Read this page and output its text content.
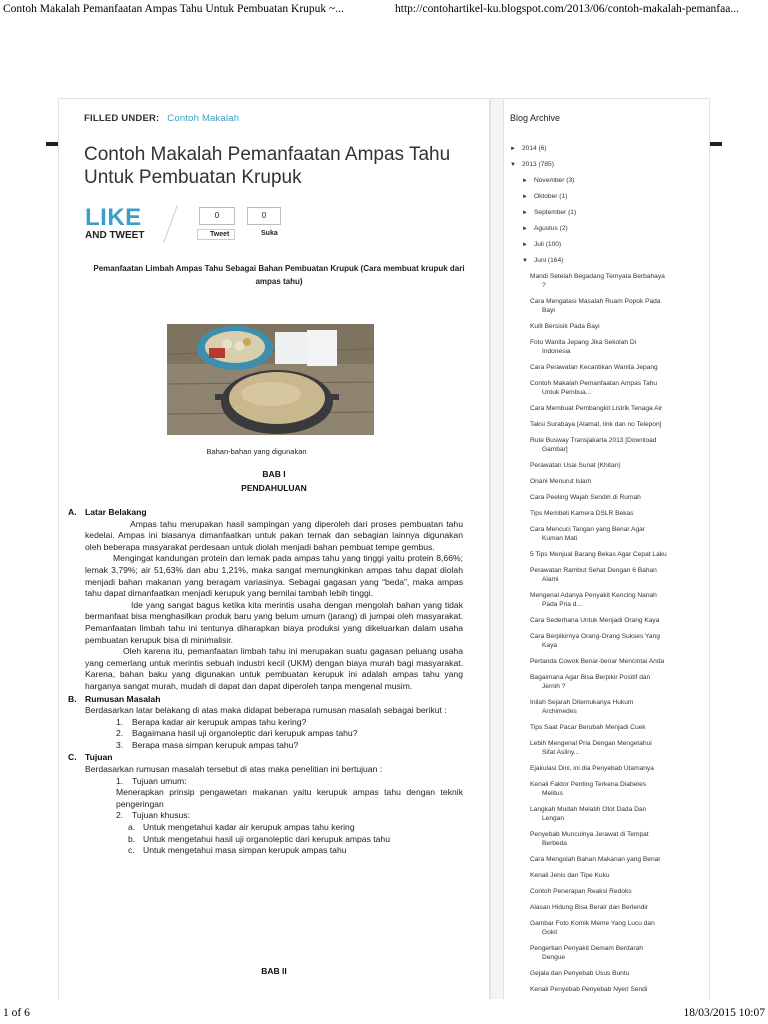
Contoh Makalah Pemanfaatan Ampas Tahu Untuk Pembuatan Krupuk ~...	http://contohartikel-ku.blogspot.com/2013/06/contoh-makalah-pemanfaa...
FILLED UNDER: Contoh Makalah
Contoh Makalah Pemanfaatan Ampas Tahu Untuk Pembuatan Krupuk
LIKE
AND TWEET
0
Tweet
0
Suka
Pemanfaatan Limbah Ampas Tahu Sebagai Bahan Pembuatan Krupuk (Cara membuat krupuk dari ampas tahu)
Bahan-bahan yang digunakan
BAB I
PENDAHULUAN

A. Latar Belakang

Ampas tahu merupakan hasil sampingan yang diperoleh dari proses pembuatan tahu kedelai. Ampas ini biasanya dimanfaatkan untuk pakan ternak dan sebagian lainnya digunakan oleh beberapa masyarakat perdesaan untuk diolah menjadi bahan pembuat tempe gembus.

Mengingat kandungan protein dan lemak pada ampas tahu yang tinggi yaitu protein 8,66%; lemak 3,79%; air 51,63% dan abu 1,21%, maka sangat memungkinkan ampas tahu dapat diolah menjadi bahan makanan yang beragam variasinya. Sebagai gagasan yang “beda”, maka ampas tahu dapat dimanfaatkan menjadi kerupuk yang bernilai tambah lebih tinggi.

Ide yang sangat bagus ketika kita merintis usaha dengan mengolah bahan yang tidak bermanfaat bisa menghasilkan produk baru yang belum umum (jarang) di jumpai oleh masyarakat. Pemanfaatan limbah tahu ini tentunya diharapkan biaya produksi yang dikeluarkan dalam usaha pembuatan kerupuk bisa di minimalisir.

Oleh karena itu, pemanfaatan limbah tahu ini merupakan suatu gagasan peluang usaha yang cemerlang untuk merintis sebuah industri kecil (UKM) dengan biaya murah bagi masyarakat. Karena, bahan baku yang digunakan untuk pembuatan kerupuk ini adalah ampas tahu yang harganya sangat murah, mudah di dapat dan dapat diperoleh tanpa mengenal musim.

B. Rumusan Masalah

Berdasarkan latar belakang di atas maka didapat beberapa rumusan masalah sebagai berikut :

1. Berapa kadar air kerupuk ampas tahu kering?

2. Bagaimana hasil uji organoleptic dari kerupuk ampas tahu?

3. Berapa masa simpan kerupuk ampas tahu?

C. Tujuan

Berdasarkan rumusan masalah tersebut di atas maka penelitian ini bertujuan :

1. Tujuan umum:

Menerapkan prinsip pengawetan makanan yaitu kerupuk ampas tahu dengan teknik pengeringan

2. Tujuan khusus:

a. Untuk mengetahui kadar air kerupuk ampas tahu kering

b. Untuk mengetahui hasil uji organoleptic dari kerupuk ampas tahu

c. Untuk mengetahui masa simpan kerupuk ampas tahu

BAB II
Blog Archive
► 2014 (6)
▼ 2013 (785)
► November (3)
► Oktober (1)
► September (1)
► Agustus (2)
► Juli (100)
▼ Juni (164)
Mandi Setelah Begadang Ternyata Berbahaya
?
Cara Mengatasi Masalah Ruam Popok Pada
Bayi
Kulit Bersisik Pada Bayi
Foto Wanita Jepang Jika Sekolah Di
Indonesia
Cara Perawatan Kecantikan Wanita Jepang
Contoh Makalah Pemanfaatan Ampas Tahu
Untuk Pembua...
Cara Membuat Pembangkit Listrik Tenaga Air
Taksi Surabaya [Alamat, link dan no Telepon]
Rute Busway Transjakarta 2013 [Download
Gambar]
Perawatan Usai Sunat (Khitan)
Onani Menurut Islam
Cara Peeling Wajah Sendiri di Rumah
Tips Membeli Kamera DSLR Bekas
Cara Mencuci Tangan yang Benar Agar
Kuman Mati
5 Tips Menjual Barang Bekas Agar Cepat Laku
Perawatan Rambut Sehat Dengan 6 Bahan
Alami
Mengenal Adanya Penyakit Kencing Nanah
Pada Pria d...
Cara Sederhana Untuk Menjadi Orang Kaya
Cara Berpikirnya Orang-Orang Sukses Yang
Kaya
Pertanda Cowok Benar-benar Mencintai Anda
Bagaimana Agar Bisa Berpikir Positif dan
Jernih ?
Inilah Sejarah Ditemukanya Hukum
Archimedes
Tips Saat Pacar Berubah Menjadi Cuek
Lebih Mengenal Pria Dengan Mengetahui
Sifat Asliny...
Ejakulasi Dini, ini dia Penyebab Utamanya
Kenali Faktor Penting Terkena Diabetes
Melitus
Langkah Mudah Melatih Otot Dada Dan
Lengan
Penyebab Munculnya Jerawat di Tempat
Berbeda
Cara Mengolah Bahan Makanan yang Benar
Kenali Jenis dan Tipe Kuku
Contoh Penerapan Reaksi Redoks
Alasan Hidung Bisa Berair dan Berlendir
Gambar Foto Komik Meme Yang Lucu dan
Gokil
Pengertian Penyakit Demam Berdarah
Dengue
Gejala dan Penyebab Usus Buntu
Kenali Penyebab Penyebab Nyeri Sendi
1 of 6	18/03/2015 10:07
